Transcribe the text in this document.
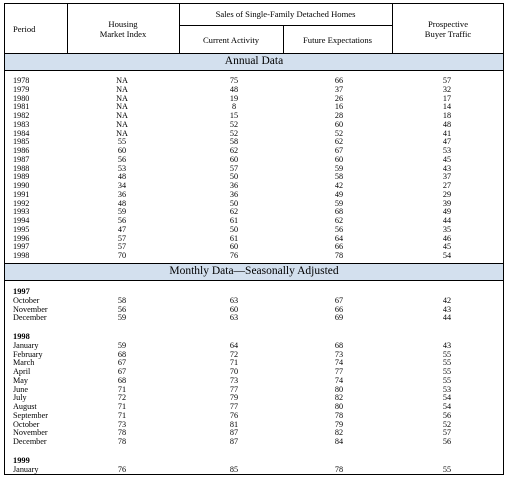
Period	Housing
Market Index
Sales of Single-Family Detached Homes
Current Activity	Future Expectations
Prospective
Buyer Traffic
Annual Data
Monthly Data—Seasonally Adjusted
1978	NA	75	66	57
1979	NA	48	37	32
1980	NA	19	26	17
1981	NA	8	16	14
1982	NA	15	28	18
1983	NA	52	60	48
1984	NA	52	52	41
1985	55	58	62	47
1986	60	62	67	53
1987	56	60	60	45
1988	53	57	59	43
1989	48	50	58	37
1990	34	36	42	27
1991	36	36	49	29
1992	48	50	59	39
1993	59	62	68	49
1994	56	61	62	44
1995	47	50	56	35
1996	57	61	64	46
1997	57	60	66	45
1998	70	76	78	54
1997
October	58	63	67	42
November	56	60	66	43
December	59	63	69	44
1998
January	59	64	68	43
February	68	72	73	55
March	67	71	74	55
April	67	70	77	55
May	68	73	74	55
June	71	77	80	53
July	72	79	82	54
August	71	77	80	54
September	71	76	78	56
October	73	81	79	52
November	78	87	82	57
December	78	87	84	56
1999
January	76	85	78	55
